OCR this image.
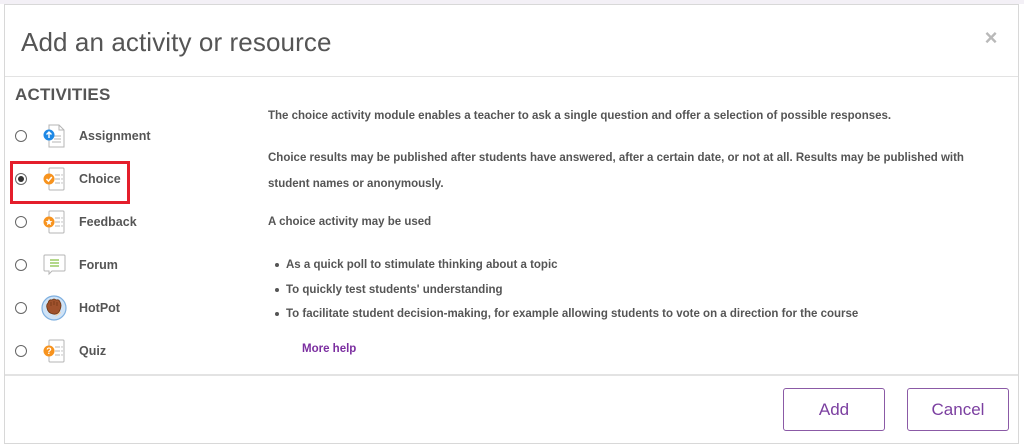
Add an activity or resource	×
ACTIVITIES
Assignment
Choice
Feedback
Forum
HotPot
? Quiz

The choice activity module enables a teacher to ask a single question and offer a selection of possible responses.

Choice results may be published after students have answered, after a certain date, or not at all. Results may be published with student names or anonymously.

A choice activity may be used

As a quick poll to stimulate thinking about a topic
To quickly test students' understanding
To facilitate student decision-making, for example allowing students to vote on a direction for the course
More help
Add	Cancel
